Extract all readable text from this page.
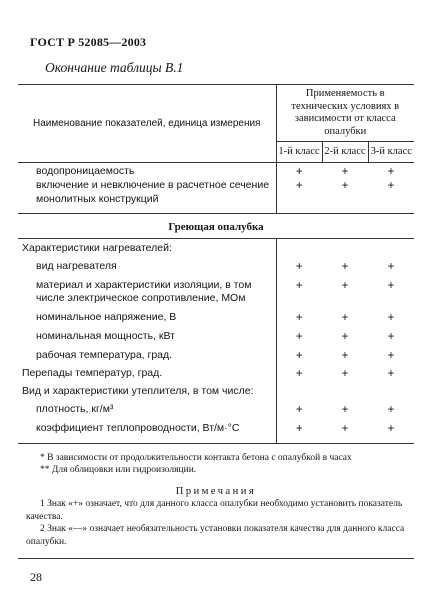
ГОСТ Р 52085—2003
Окончание таблицы В.1
Наименование показателей, единица измерения	Применяемость в технических условиях в зависимости от класса опалубки		
	1-й класс	2-й класс	3-й класс
водопроницаемость	+	+	+
включение и невключение в расчетное сечение монолитных конструкций	+	+	+
Греющая опалубка			
Характеристики нагревателей:			
вид нагревателя	+	+	+
материал и характеристики изоляции, в том числе электрическое сопротивление, МОм	+	+	+
номинальное напряжение, В	+	+	+
номинальная мощность, кВт	+	+	+
рабочая температура, град.	+	+	+
Перепады температур, град.	+	+	+
Вид и характеристики утеплителя, в том числе:			
плотность, кг/м³	+	+	+
коэффициент теплопроводности, Вт/м·°С	+	+	+

* В зависимости от продолжительности контакта бетона с опалубкой в часах

** Для облицовки или гидроизоляции.

Примечания

1 Знак «+» означает, что для данного класса опалубки необходимо установить показатель качества.

2 Знак «—» означает необязательность установки показателя качества для данного класса опалубки.			

28
